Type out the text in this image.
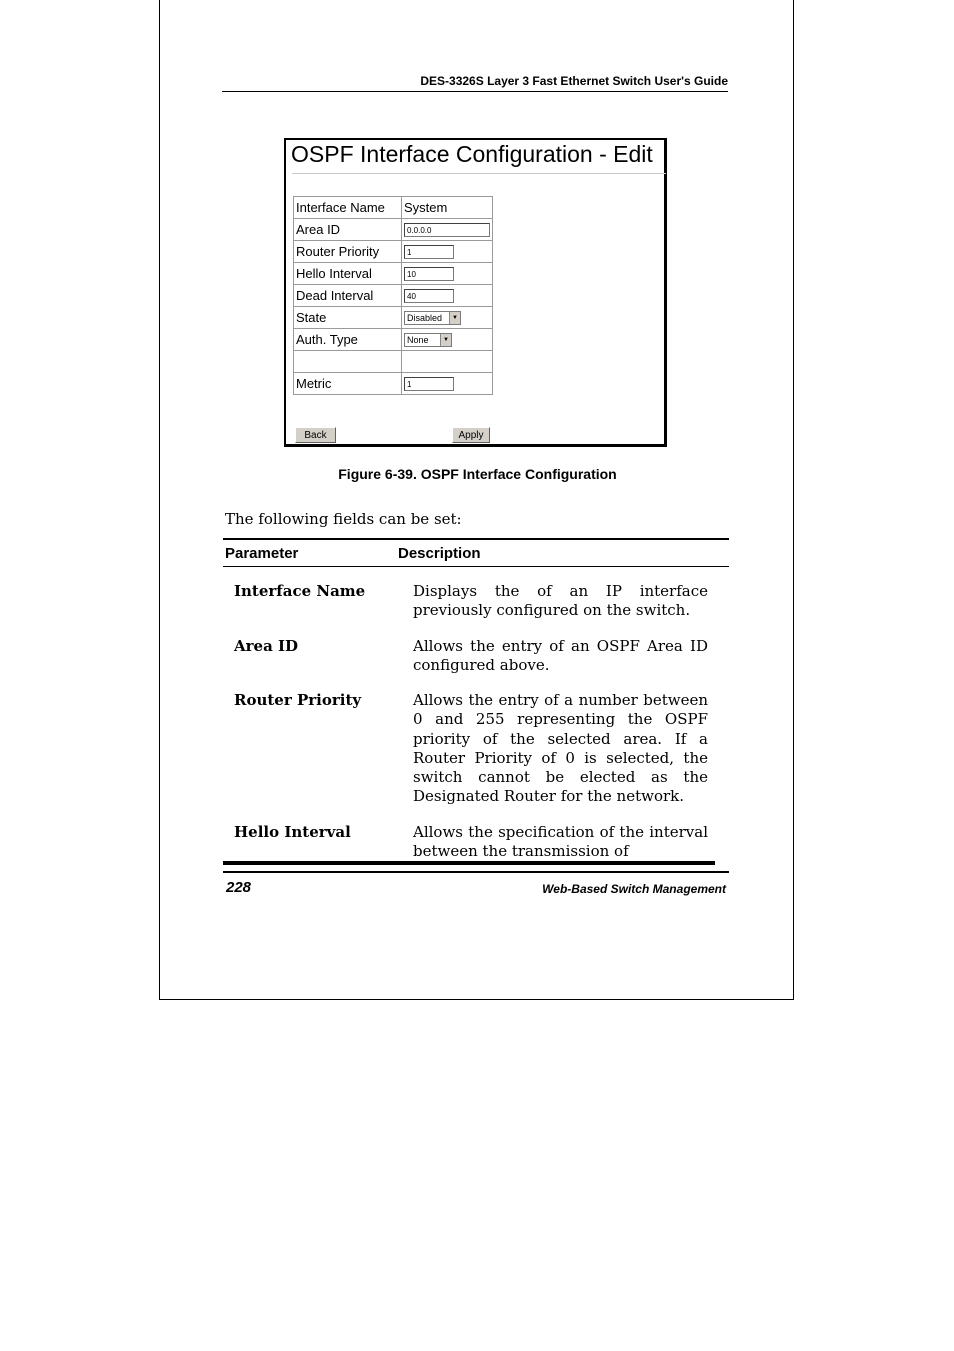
DES-3326S Layer 3 Fast Ethernet Switch User's Guide
OSPF Interface Configuration - Edit
Interface Name	System
Area ID	0.0.0.0
Router Priority	1
Hello Interval	10
Dead Interval	40
State	Disabled ▼

Auth. Type	None ▼

Metric	1
Back	Apply
Figure 6-39. OSPF Interface Configuration
The following fields can be set:
Parameter	Description
Interface Name	Displays the of an IP interface previously configured on the switch.
Area ID	Allows the entry of an OSPF Area ID configured above.
Router Priority	Allows the entry of a number between 0 and 255 representing the OSPF priority of the selected area. If a Router Priority of 0 is selected, the switch cannot be elected as the Designated Router for the network.
Hello Interval	Allows the specification of the interval between the transmission of
228	Web-Based Switch Management
